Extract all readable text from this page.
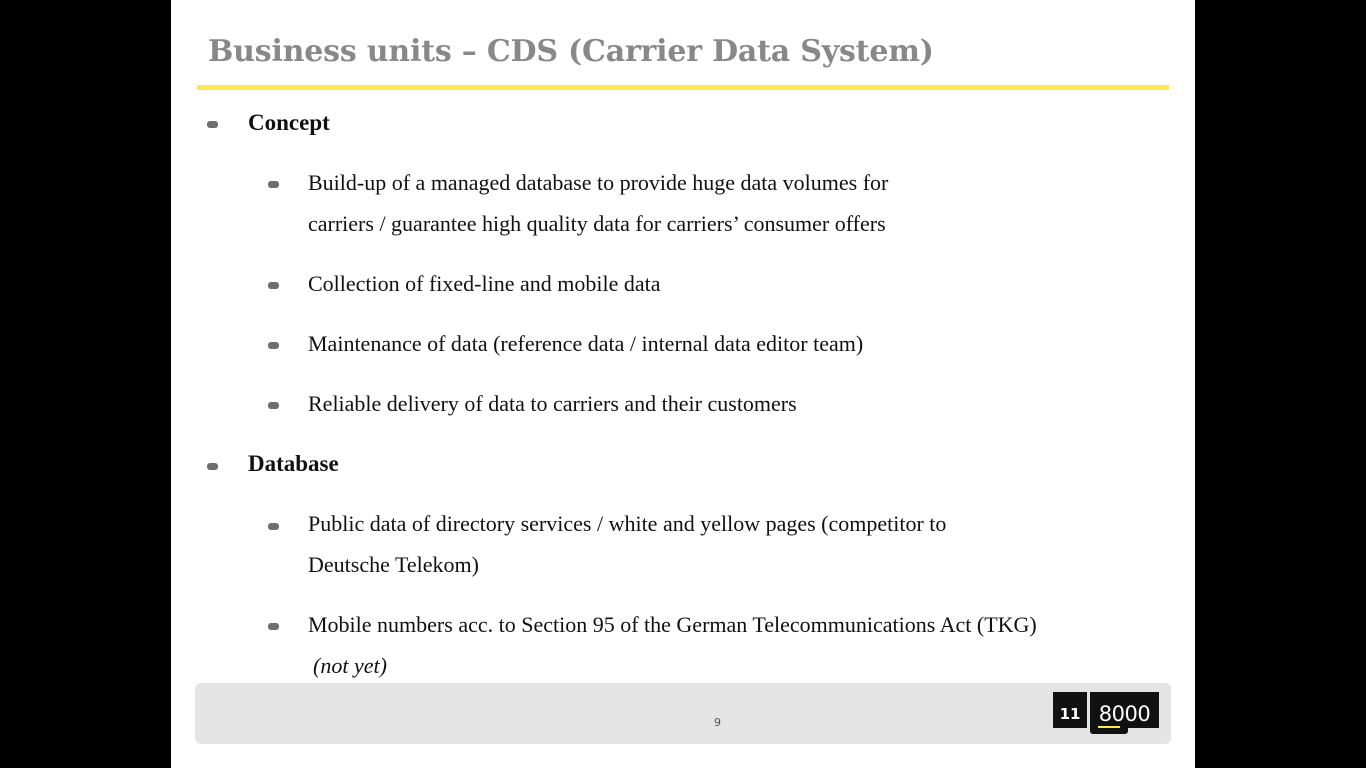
Business units – CDS (Carrier Data System)
Concept
Build-up of a managed database to provide huge data volumes for
carriers / guarantee high quality data for carriers’ consumer offers
Collection of fixed-line and mobile data
Maintenance of data (reference data / internal data editor team)
Reliable delivery of data to carriers and their customers
Database
Public data of directory services / white and yellow pages (competitor to
Deutsche Telekom)
Mobile numbers acc. to Section 95 of the German Telecommunications Act (TKG)
(not yet)
9	11 8000
